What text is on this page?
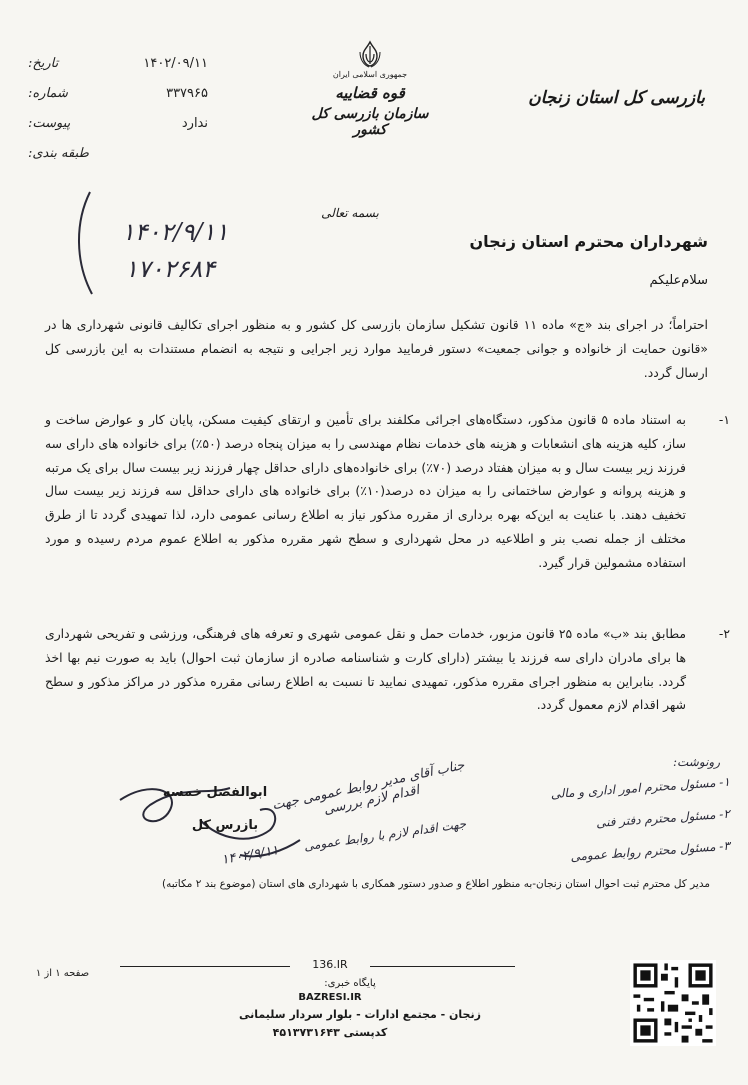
جمهوری اسلامی ایران
قوه قضاییه
سازمان بازرسی کل کشور
بازرسی کل استان زنجان
تاریخ:	۱۴۰۲/۰۹/۱۱
شماره:	۳۳۷۹۶۵
پیوست:	ندارد
طبقه بندی:
۱۴۰۲/۹/۱۱
۱۷۰۲۶۸۴
بسمه تعالی
شهرداران محترم استان زنجان
سلام‌علیکم
احتراماً؛ در اجرای بند «ج» ماده ۱۱ قانون تشکیل سازمان بازرسی کل کشور و به منظور اجرای تکالیف قانونی شهرداری ها در «قانون حمایت از خانواده و جوانی جمعیت» دستور فرمایید موارد زیر اجرایی و نتیجه به انضمام مستندات به این بازرسی کل ارسال گردد.
۱-
به استناد ماده ۵ قانون مذکور، دستگاه‌های اجرائی مکلفند برای تأمین و ارتقای کیفیت مسکن، پایان کار و عوارض ساخت و ساز، کلیه هزینه های انشعابات و هزینه های خدمات نظام مهندسی را به میزان پنجاه درصد (۵۰٪) برای خانواده های دارای سه فرزند زیر بیست سال و به میزان هفتاد درصد (۷۰٪) برای خانواده‌های دارای حداقل چهار فرزند زیر بیست سال برای یک مرتبه و هزینه پروانه و عوارض ساختمانی را به میزان ده درصد(۱۰٪) برای خانواده های دارای حداقل سه فرزند زیر بیست سال تخفیف دهند. با عنایت به این‌که بهره برداری از مقرره مذکور نیاز به اطلاع رسانی عمومی دارد، لذا تمهیدی گردد تا از طرق مختلف از جمله نصب بنر و اطلاعیه در محل شهرداری و سطح شهر مقرره مذکور به اطلاع عموم مردم رسیده و مورد استفاده مشمولین قرار گیرد.
۲-
مطابق بند «ب» ماده ۲۵ قانون مزبور، خدمات حمل و نقل عمومی شهری و تعرفه های فرهنگی، ورزشی و تفریحی شهرداری ها برای مادران دارای سه فرزند یا بیشتر (دارای کارت و شناسنامه صادره از سازمان ثبت احوال) باید به صورت نیم بها اخذ گردد. بنابراین به منظور اجرای مقرره مذکور، تمهیدی نمایید تا نسبت به اطلاع رسانی مقرره مذکور در مراکز مذکور و سطح شهر اقدام لازم معمول گردد.
ابوالفضل خمسه
بازرس کل
جناب آقای مدیر روابط عمومی جهت اقدام لازم بررسی
جهت اقدام لازم با روابط عمومی
۱۴۰۲/۹/۱۱
رونوشت:
۱- مسئول محترم امور اداری و مالی
۲- مسئول محترم دفتر فنی
۳- مسئول محترم روابط عمومی
مدیر کل محترم ثبت احوال استان زنجان-به منظور اطلاع و صدور دستور همکاری با شهرداری های استان (موضوع بند ۲ مکاتبه)
136.IR
صفحه ۱ از ۱
پایگاه خبری:
BAZRESI.IR
زنجان - مجتمع ادارات - بلوار سردار سلیمانی
کدپستی ۴۵۱۳۷۳۱۶۴۳
